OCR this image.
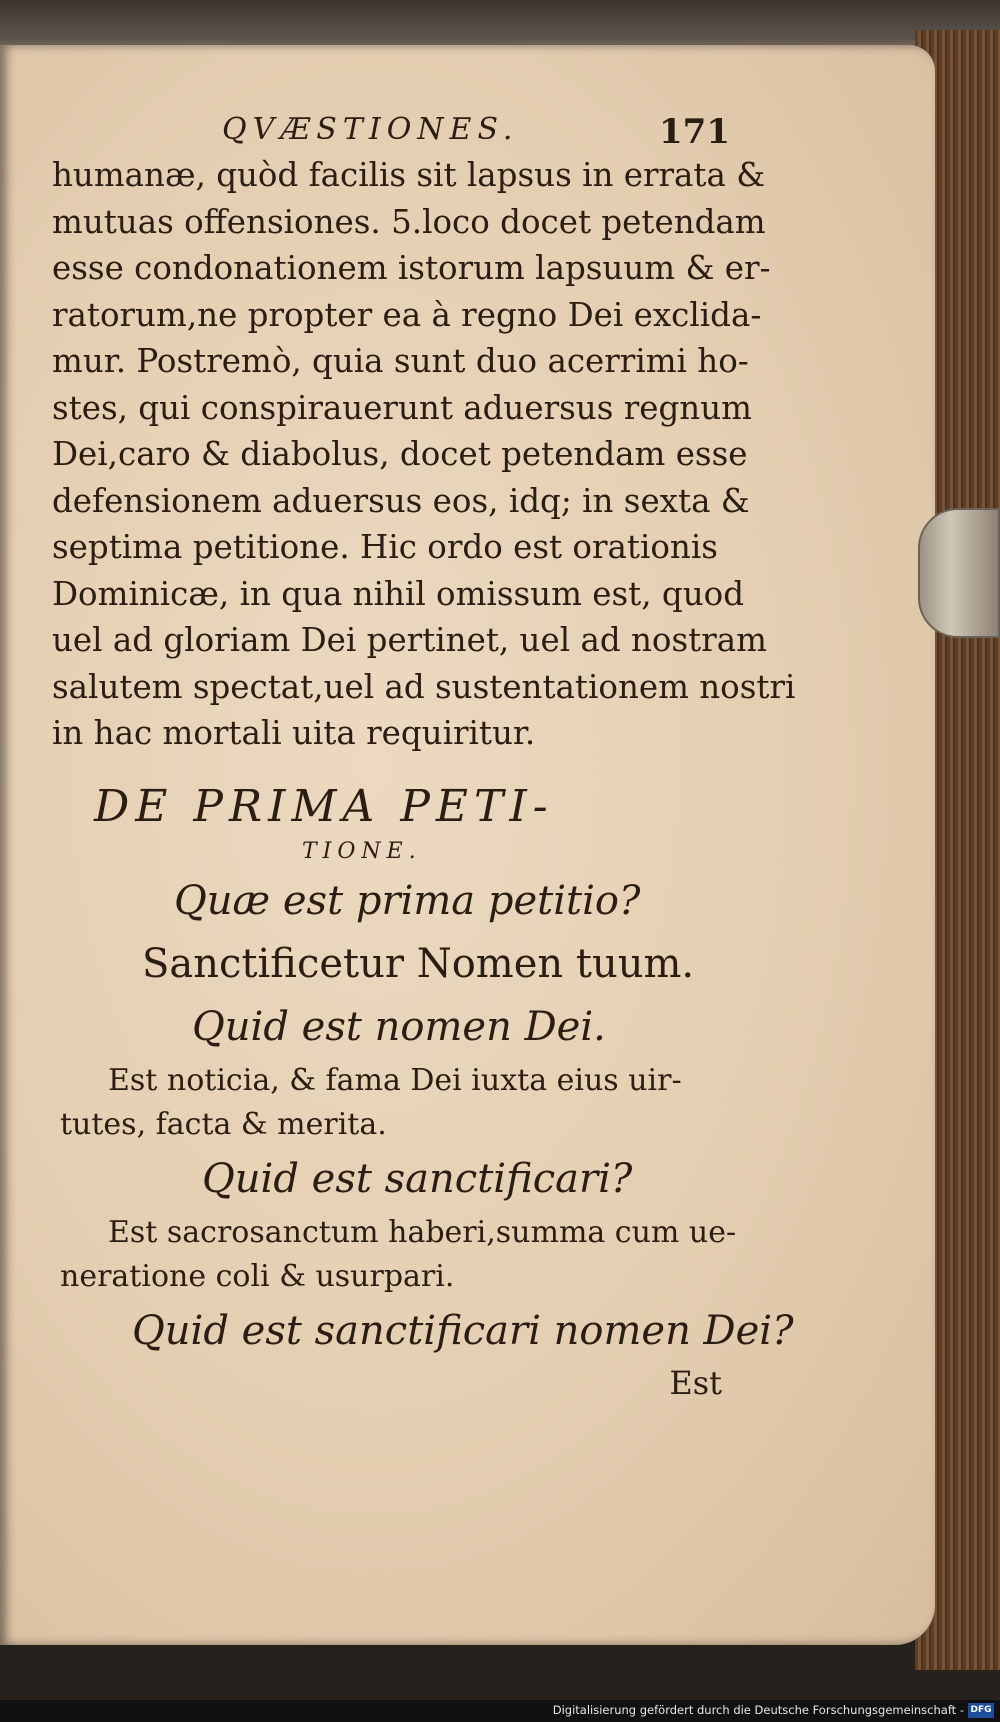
QVÆSTIONES.	171
humanæ, quòd facilis sit lapsus in errata &
mutuas offensiones. 5.loco docet petendam
esse condonationem istorum lapsuum & er-
ratorum,ne propter ea à regno Dei exclida-
mur. Postremò, quia sunt duo acerrimi ho-
stes, qui conspirauerunt aduersus regnum
Dei,caro & diabolus, docet petendam esse
defensionem aduersus eos, idq; in sexta &
septima petitione. Hic ordo est orationis
Dominicæ, in qua nihil omissum est, quod
uel ad gloriam Dei pertinet, uel ad nostram
salutem spectat,uel ad sustentationem nostri
in hac mortali uita requiritur.
DE PRIMA PETI-
TIONE.
Quæ est prima petitio?
Sanctificetur Nomen tuum.
Quid est nomen Dei.
Est noticia, & fama Dei iuxta eius uir-
tutes, facta & merita.
Quid est sanctificari?
Est sacrosanctum haberi,summa cum ue-
neratione coli & usurpari.
Quid est sanctificari nomen Dei?
Est
Digitalisierung gefördert durch die Deutsche Forschungsgemeinschaft - DFG
